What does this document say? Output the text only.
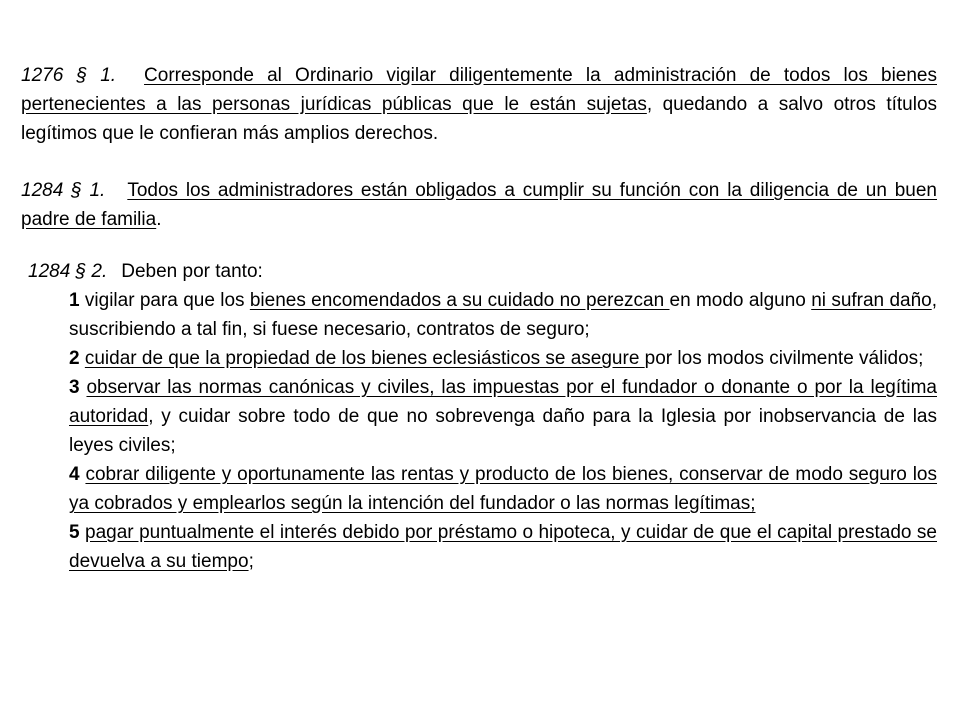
1276 § 1. Corresponde al Ordinario vigilar diligentemente la administración de todos los bienes pertenecientes a las personas jurídicas públicas que le están sujetas, quedando a salvo otros títulos legítimos que le confieran más amplios derechos.

1284 § 1. Todos los administradores están obligados a cumplir su función con la diligencia de un buen padre de familia.

1284 § 2. Deben por tanto:

1 vigilar para que los bienes encomendados a su cuidado no perezcan en modo alguno ni sufran daño, suscribiendo a tal fin, si fuese necesario, contratos de seguro;
2 cuidar de que la propiedad de los bienes eclesiásticos se asegure por los modos civilmente válidos;
3 observar las normas canónicas y civiles, las impuestas por el fundador o donante o por la legítima autoridad, y cuidar sobre todo de que no sobrevenga daño para la Iglesia por inobservancia de las leyes civiles;
4 cobrar diligente y oportunamente las rentas y producto de los bienes, conservar de modo seguro los ya cobrados y emplearlos según la intención del fundador o las normas legítimas;
5 pagar puntualmente el interés debido por préstamo o hipoteca, y cuidar de que el capital prestado se devuelva a su tiempo;
